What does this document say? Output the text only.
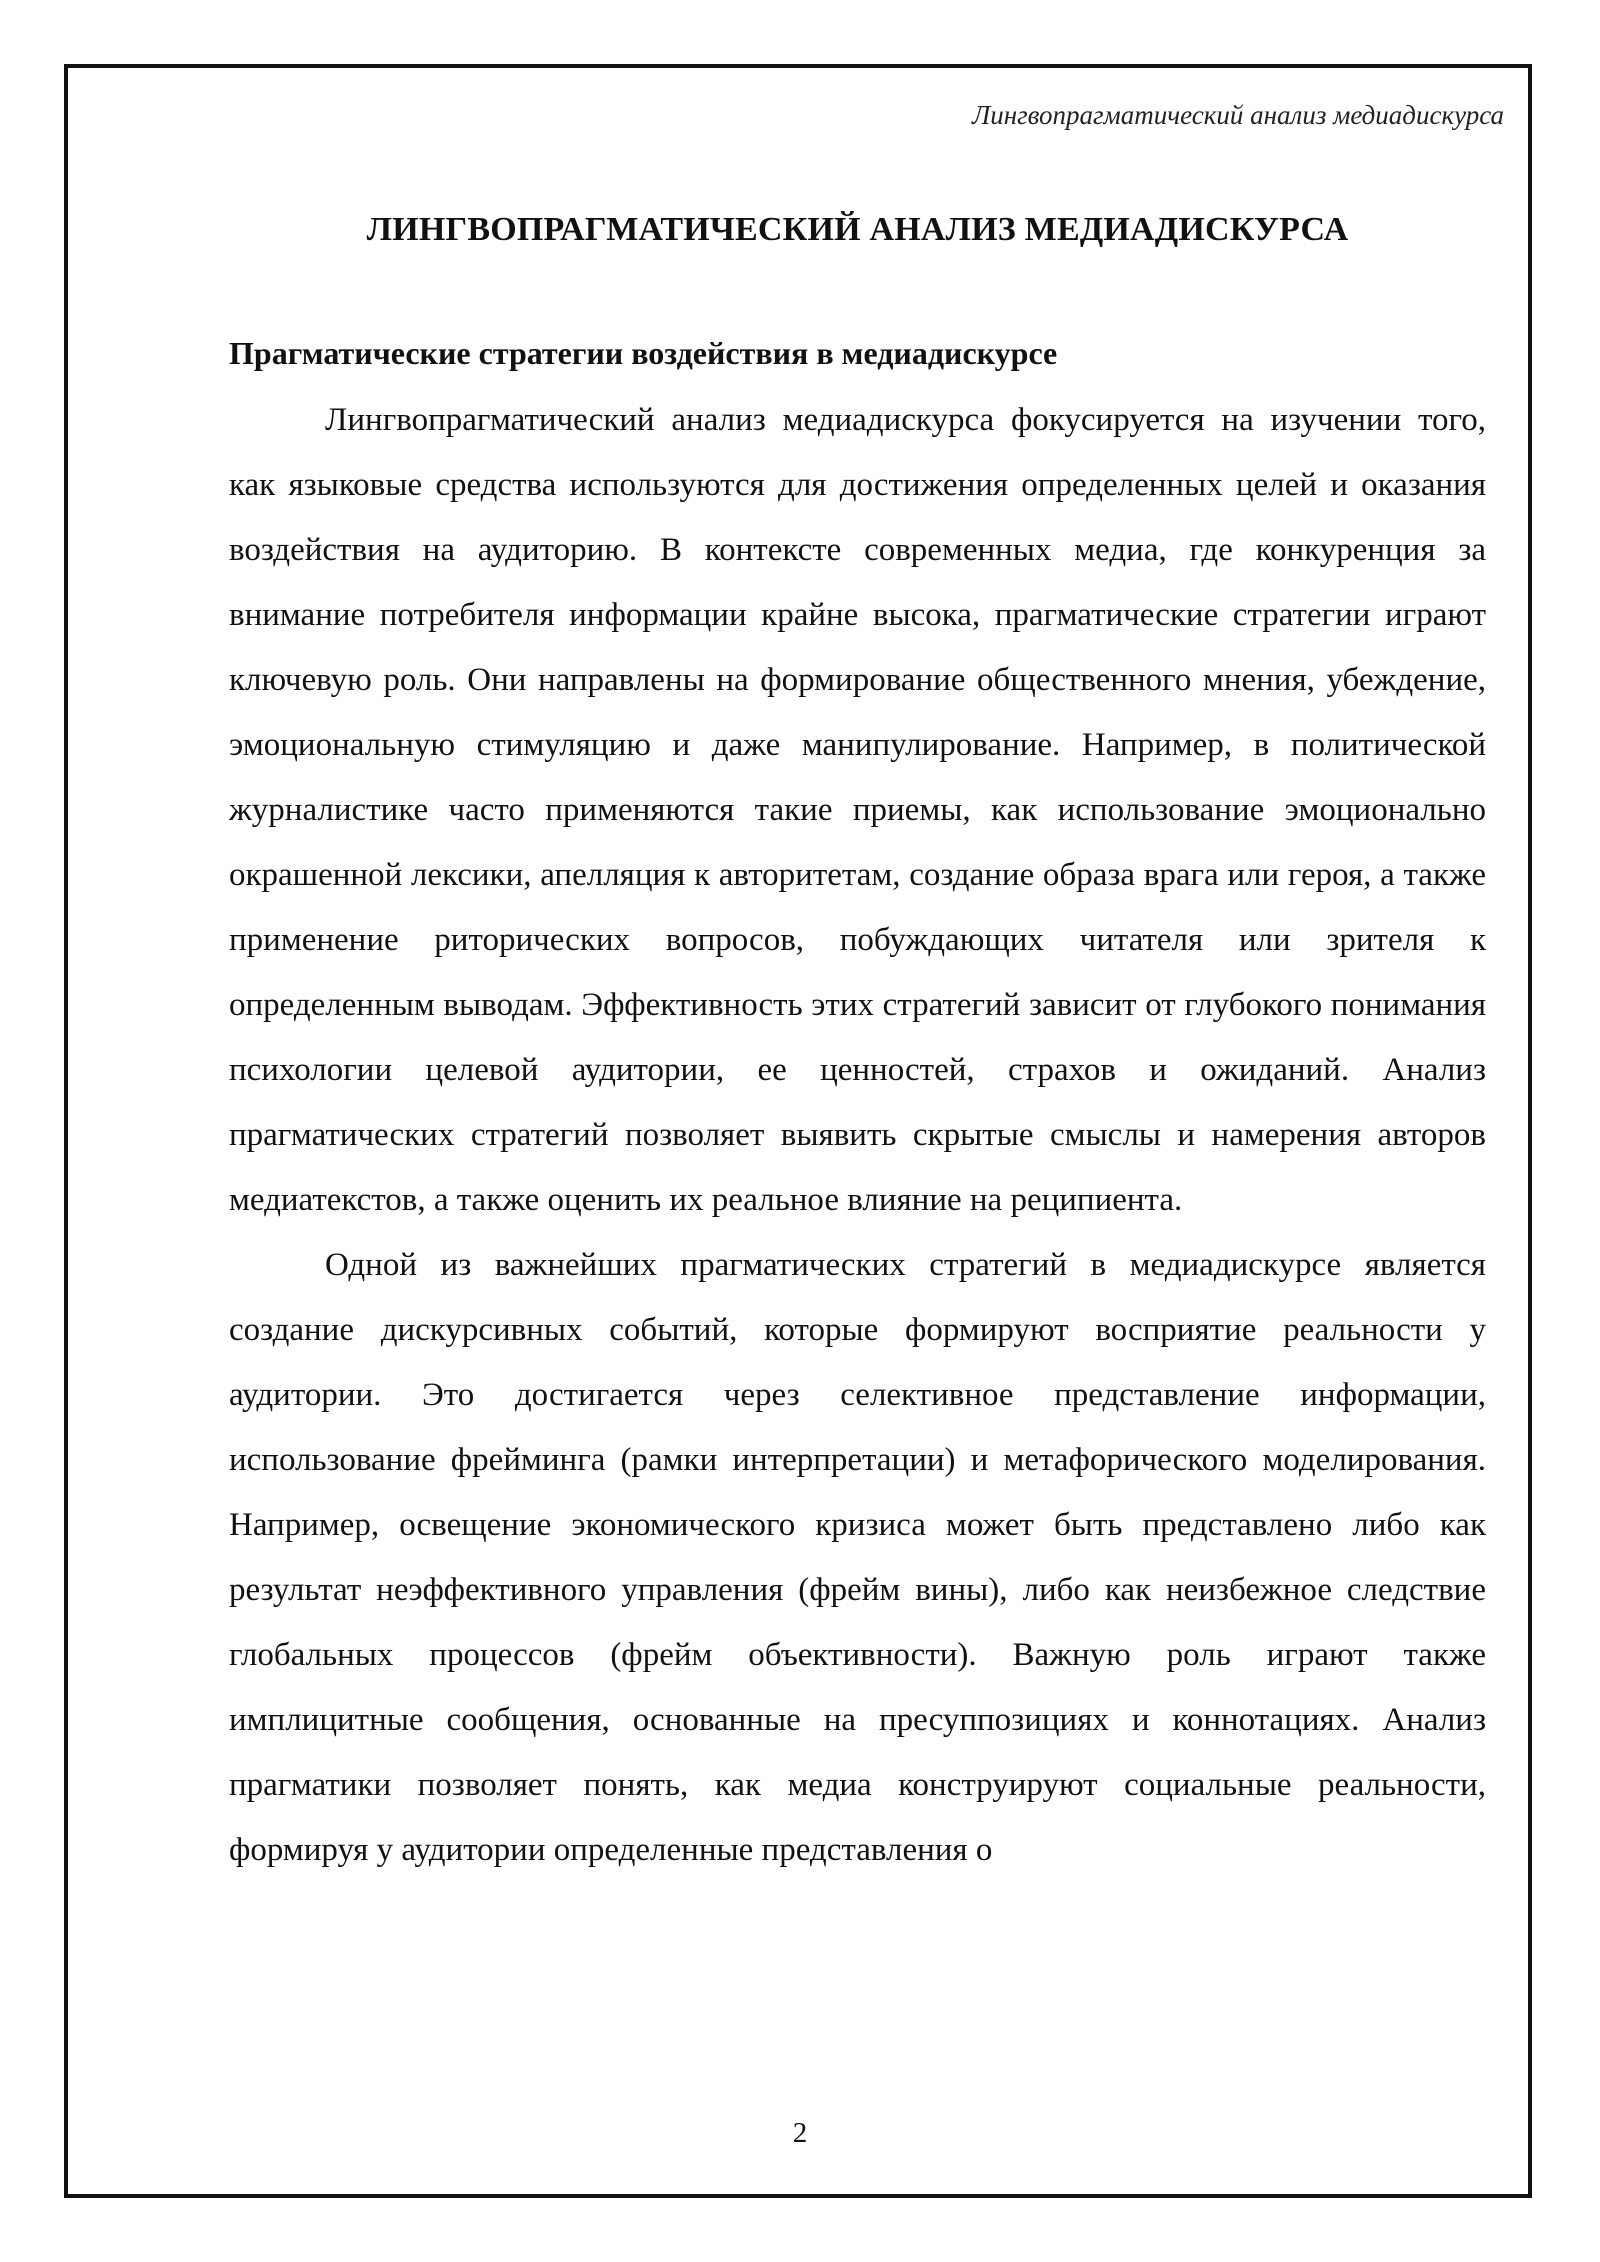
Лингвопрагматический анализ медиадискурса
ЛИНГВОПРАГМАТИЧЕСКИЙ АНАЛИЗ МЕДИАДИСКУРСА
Прагматические стратегии воздействия в медиадискурсе

Лингвопрагматический анализ медиадискурса фокусируется на изучении того, как языковые средства используются для достижения определенных целей и оказания воздействия на аудиторию. В контексте современных медиа, где конкуренция за внимание потребителя информации крайне высока, прагматические стратегии играют ключевую роль. Они направлены на формирование общественного мнения, убеждение, эмоциональную стимуляцию и даже манипулирование. Например, в политической журналистике часто применяются такие приемы, как использование эмоционально окрашенной лексики, апелляция к авторитетам, создание образа врага или героя, а также применение риторических вопросов, побуждающих читателя или зрителя к определенным выводам. Эффективность этих стратегий зависит от глубокого понимания психологии целевой аудитории, ее ценностей, страхов и ожиданий. Анализ прагматических стратегий позволяет выявить скрытые смыслы и намерения авторов медиатекстов, а также оценить их реальное влияние на реципиента.

Одной из важнейших прагматических стратегий в медиадискурсе является создание дискурсивных событий, которые формируют восприятие реальности у аудитории. Это достигается через селективное представление информации, использование фрейминга (рамки интерпретации) и метафорического моделирования. Например, освещение экономического кризиса может быть представлено либо как результат неэффективного управления (фрейм вины), либо как неизбежное следствие глобальных процессов (фрейм объективности). Важную роль играют также имплицитные сообщения, основанные на пресуппозициях и коннотациях. Анализ прагматики позволяет понять, как медиа конструируют социальные реальности, формируя у аудитории определенные представления о

2
